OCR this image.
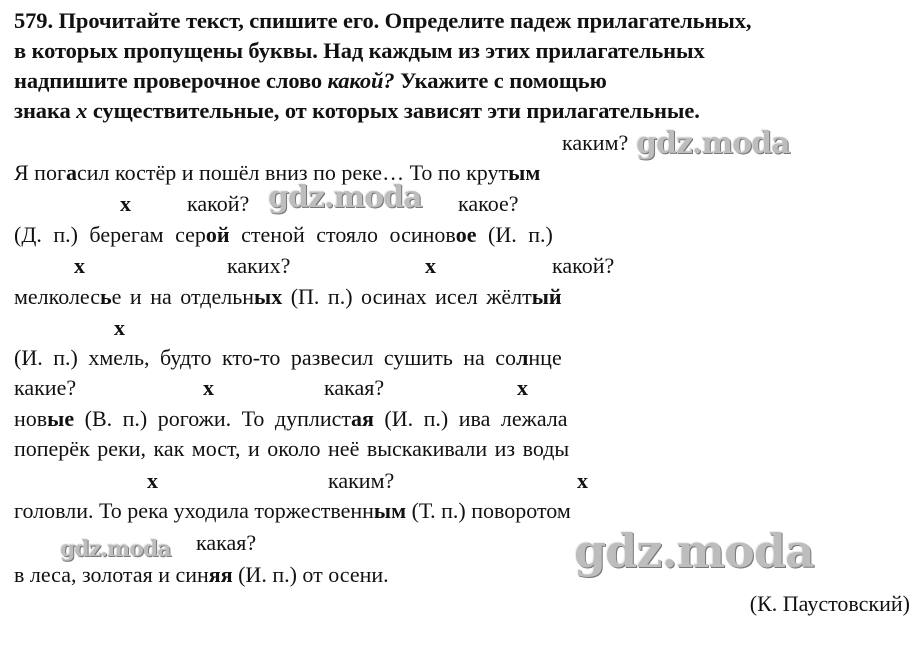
579. Прочитайте текст, спишите его. Определите падеж прилагательных,
в которых пропущены буквы. Над каждым из этих прилагательных
надпишите проверочное слово какой? Укажите с помощью
знака х существительные, от которых зависят эти прилагательные.
каким?
Я погасил костёр и пошёл вниз по реке… То по крутым
х	какой?	какое?
(Д. п.) берегам серой стеной стояло осиновое (И. п.)
х	каких?	х	какой?
мелколесье и на отдельных (П. п.) осинах исел жёлтый
х
(И. п.) хмель, будто кто-то развесил сушить на солнце
какие?	х	какая?	х
новые (В. п.) рогожи. То дуплистая (И. п.) ива лежала
поперёк реки, как мост, и около неё выскакивали из воды
х	каким?	х
головли. То река уходила торжественным (Т. п.) поворотом
какая?
в леса, золотая и синяя (И. п.) от осени.
(К. Паустовский)
gdz.moda
gdz.moda
gdz.moda	gdz.moda
